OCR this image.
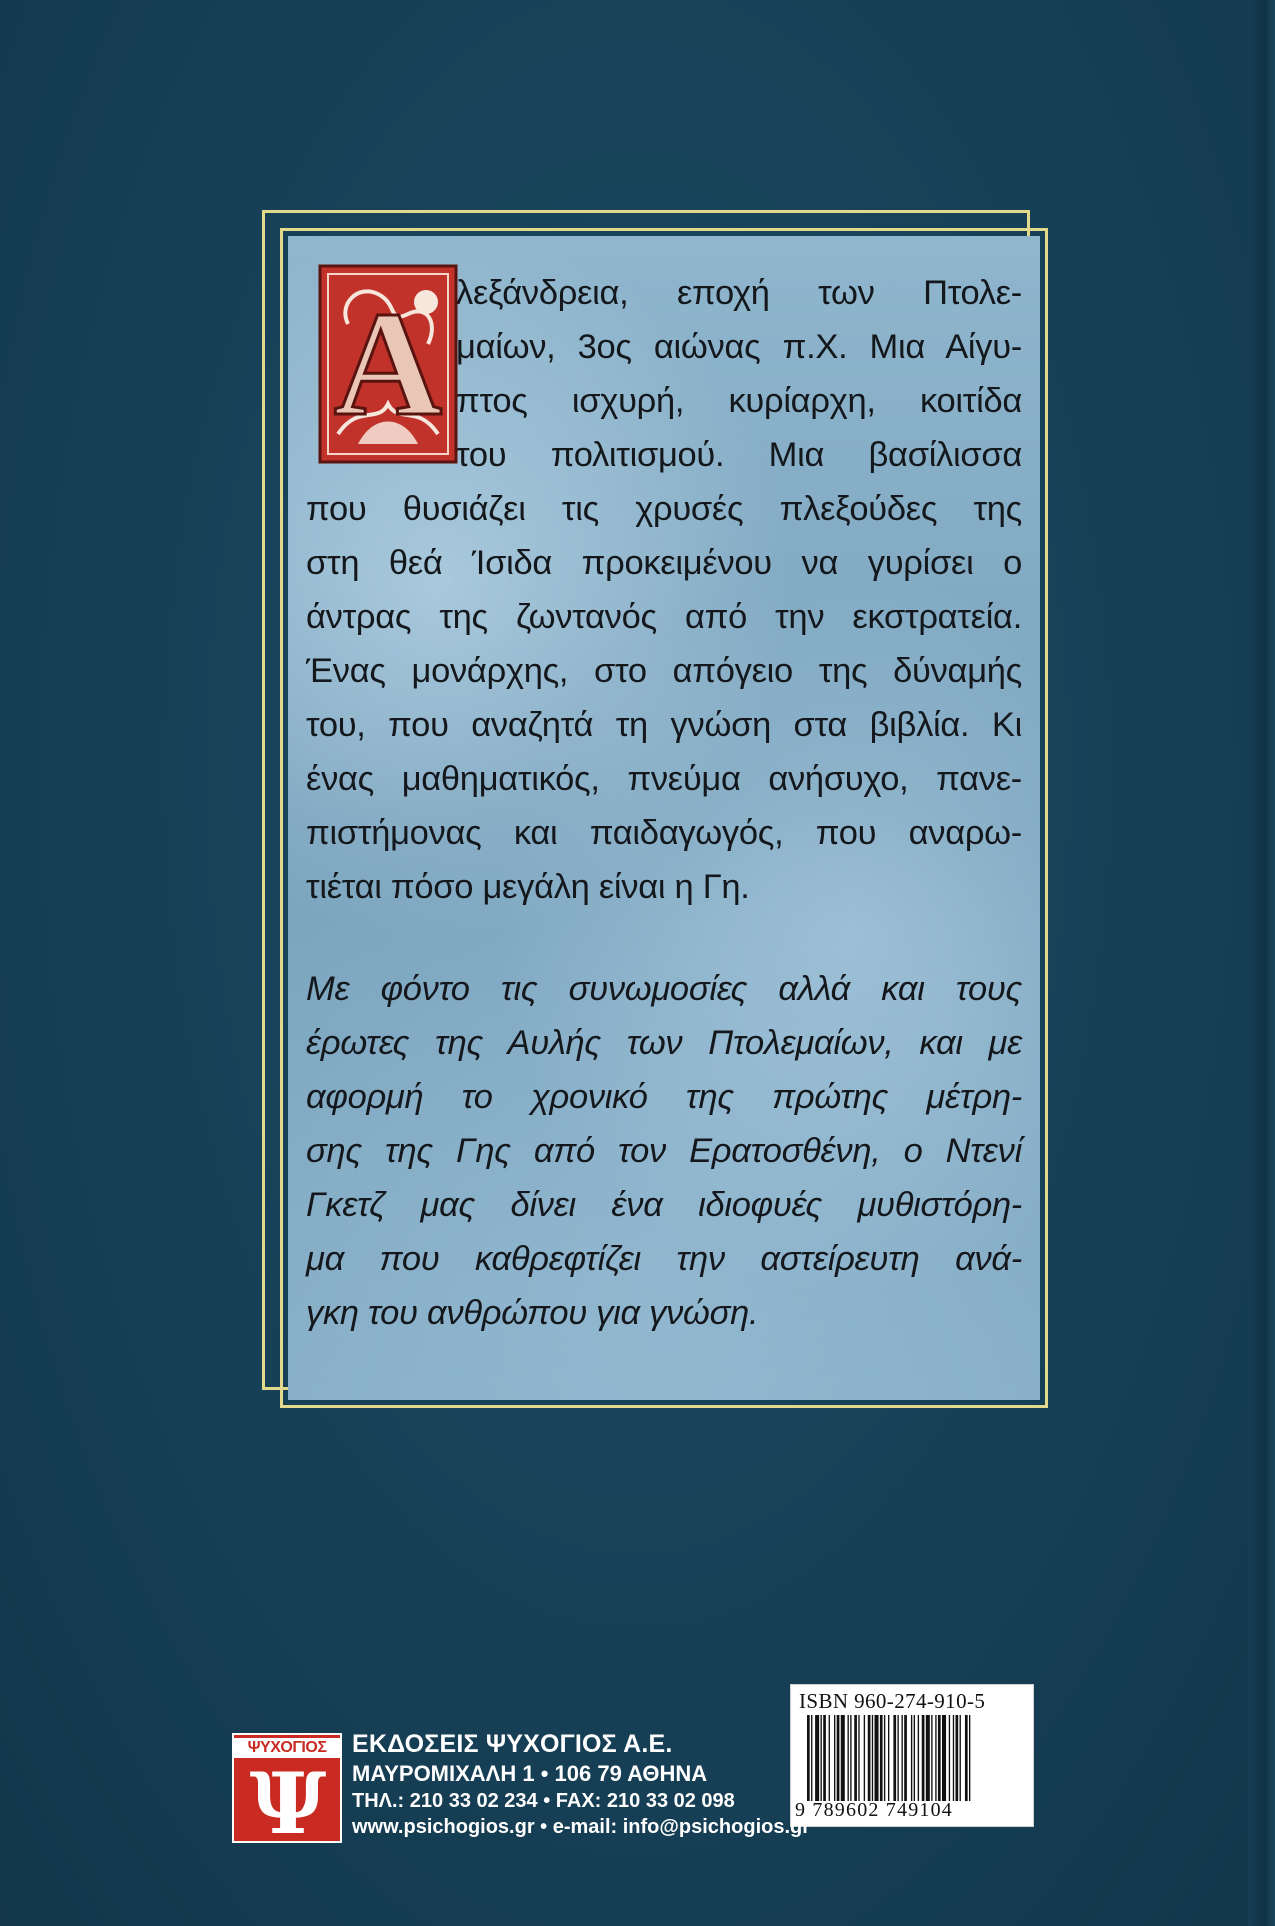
A λεξάνδρεια, εποχή των Πτολε-
μαίων, 3ος αιώνας π.Χ. Μια Αίγυ-
πτος ισχυρή, κυρίαρχη, κοιτίδα
του πολιτισμού. Μια βασίλισσα
που θυσιάζει τις χρυσές πλεξούδες της
στη θεά Ίσιδα προκειμένου να γυρίσει ο
άντρας της ζωντανός από την εκστρατεία.
Ένας μονάρχης, στο απόγειο της δύναμής
του, που αναζητά τη γνώση στα βιβλία. Κι
ένας μαθηματικός, πνεύμα ανήσυχο, πανε-
πιστήμονας και παιδαγωγός, που αναρω-
τιέται πόσο μεγάλη είναι η Γη.
Με φόντο τις συνωμοσίες αλλά και τους
έρωτες της Αυλής των Πτολεμαίων, και με
αφορμή το χρονικό της πρώτης μέτρη-
σης της Γης από τον Ερατοσθένη, ο Ντενί
Γκετζ μας δίνει ένα ιδιοφυές μυθιστόρη-
μα που καθρεφτίζει την αστείρευτη ανά-
γκη του ανθρώπου για γνώση.
ISBN 960-274-910-5
9 789602 749104
ΨΥΧΟΓΙΟΣ
Ψ
ΕΚΔΟΣΕΙΣ ΨΥΧΟΓΙΟΣ Α.Ε.
ΜΑΥΡΟΜΙΧΑΛΗ 1 • 106 79 ΑΘΗΝΑ
ΤΗΛ.: 210 33 02 234 • FAX: 210 33 02 098
www.psichogios.gr • e-mail: info@psichogios.gr
